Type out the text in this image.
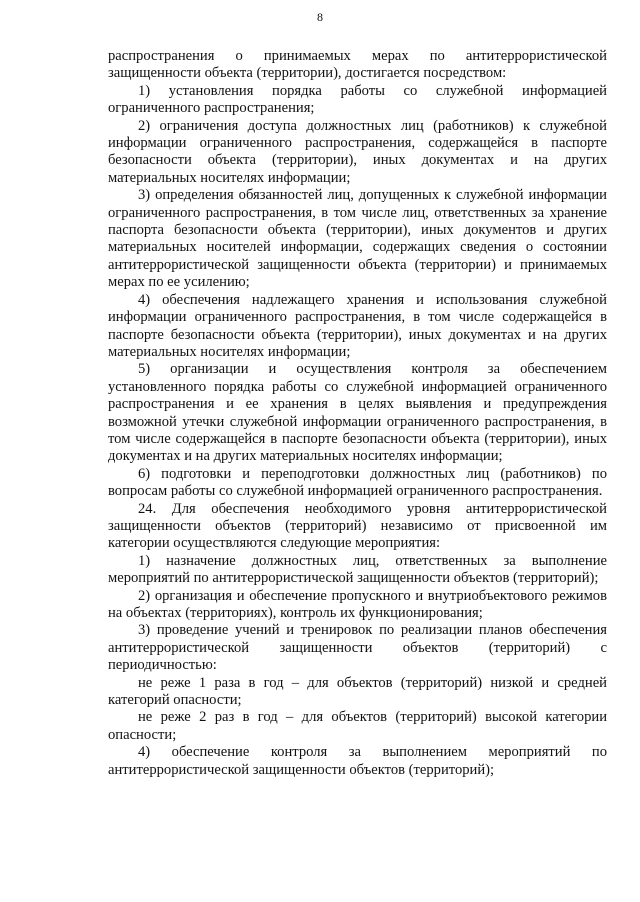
8

распространения о принимаемых мерах по антитеррористической защищенности объекта (территории), достигается посредством:

1) установления порядка работы со служебной информацией ограниченного распространения;

2) ограничения доступа должностных лиц (работников) к служебной информации ограниченного распространения, содержащейся в паспорте безопасности объекта (территории), иных документах и на других материальных носителях информации;

3) определения обязанностей лиц, допущенных к служебной информации ограниченного распространения, в том числе лиц, ответственных за хранение паспорта безопасности объекта (территории), иных документов и других материальных носителей информации, содержащих сведения о состоянии антитеррористической защищенности объекта (территории) и принимаемых мерах по ее усилению;

4) обеспечения надлежащего хранения и использования служебной информации ограниченного распространения, в том числе содержащейся в паспорте безопасности объекта (территории), иных документах и на других материальных носителях информации;

5) организации и осуществления контроля за обеспечением установленного порядка работы со служебной информацией ограниченного распространения и ее хранения в целях выявления и предупреждения возможной утечки служебной информации ограниченного распространения, в том числе содержащейся в паспорте безопасности объекта (территории), иных документах и на других материальных носителях информации;

6) подготовки и переподготовки должностных лиц (работников) по вопросам работы со служебной информацией ограниченного распространения.

24. Для обеспечения необходимого уровня антитеррористической защищенности объектов (территорий) независимо от присвоенной им категории осуществляются следующие мероприятия:

1) назначение должностных лиц, ответственных за выполнение мероприятий по антитеррористической защищенности объектов (территорий);

2) организация и обеспечение пропускного и внутриобъектового режимов на объектах (территориях), контроль их функционирования;

3) проведение учений и тренировок по реализации планов обеспечения антитеррористической защищенности объектов (территорий) с периодичностью:

не реже 1 раза в год – для объектов (территорий) низкой и средней категорий опасности;

не реже 2 раз в год – для объектов (территорий) высокой категории опасности;

4) обеспечение контроля за выполнением мероприятий по антитеррористической защищенности объектов (территорий);
